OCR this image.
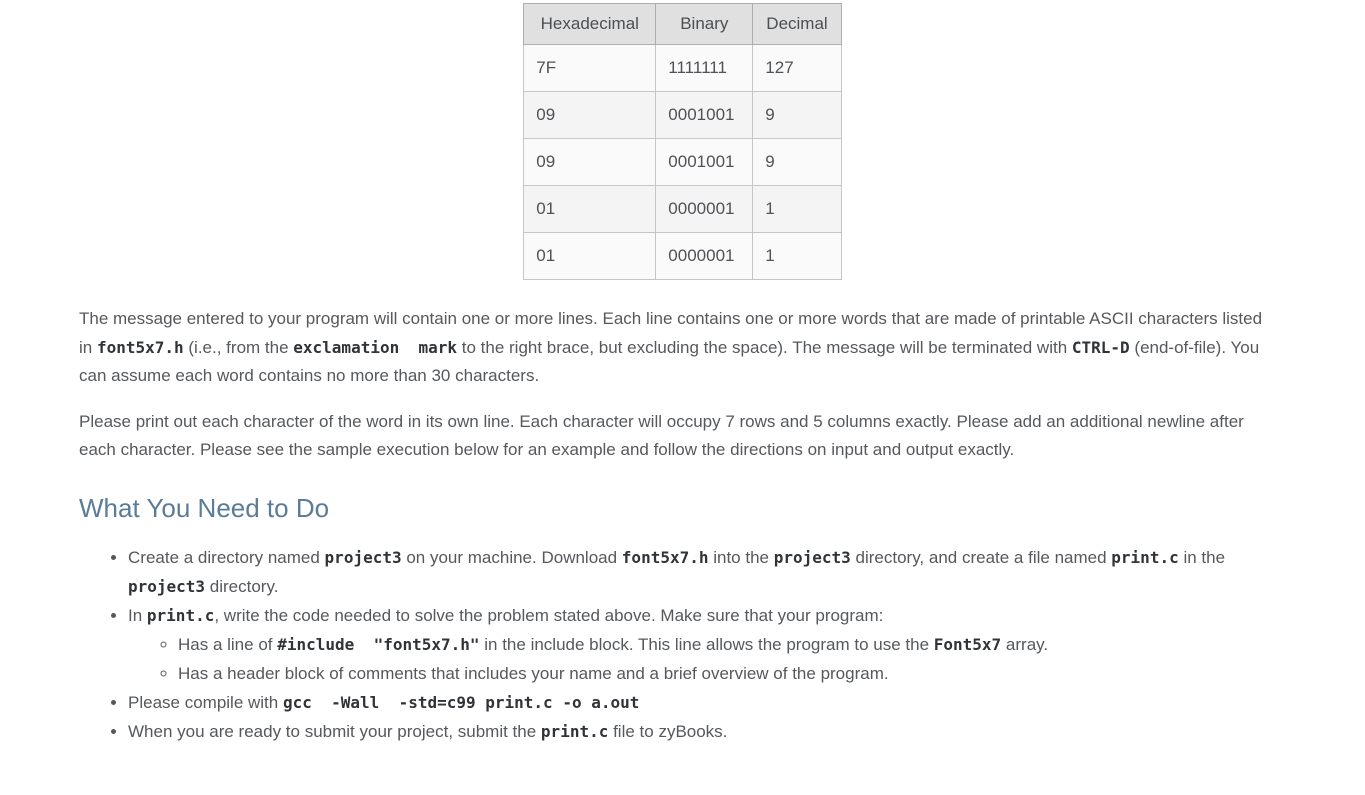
Hexadecimal	Binary	Decimal
7F	1111111	127
09	0001001	9
09	0001001	9
01	0000001	1
01	0000001	1

The message entered to your program will contain one or more lines. Each line contains one or more words that are made of printable ASCII characters listed in font5x7.h (i.e., from the exclamation  mark to the right brace, but excluding the space). The message will be terminated with CTRL-D (end-of-file). You can assume each word contains no more than 30 characters.

Please print out each character of the word in its own line. Each character will occupy 7 rows and 5 columns exactly. Please add an additional newline after each character. Please see the sample execution below for an example and follow the directions on input and output exactly.

What You Need to Do
• Create a directory named project3 on your machine. Download font5x7.h into the project3 directory, and create a file named print.c in the project3 directory.
• In print.c, write the code needed to solve the problem stated above. Make sure that your program:
◦ Has a line of #include  "font5x7.h" in the include block. This line allows the program to use the Font5x7 array.
◦ Has a header block of comments that includes your name and a brief overview of the program.
• Please compile with gcc  -Wall  -std=c99 print.c -o a.out
• When you are ready to submit your project, submit the print.c file to zyBooks.
